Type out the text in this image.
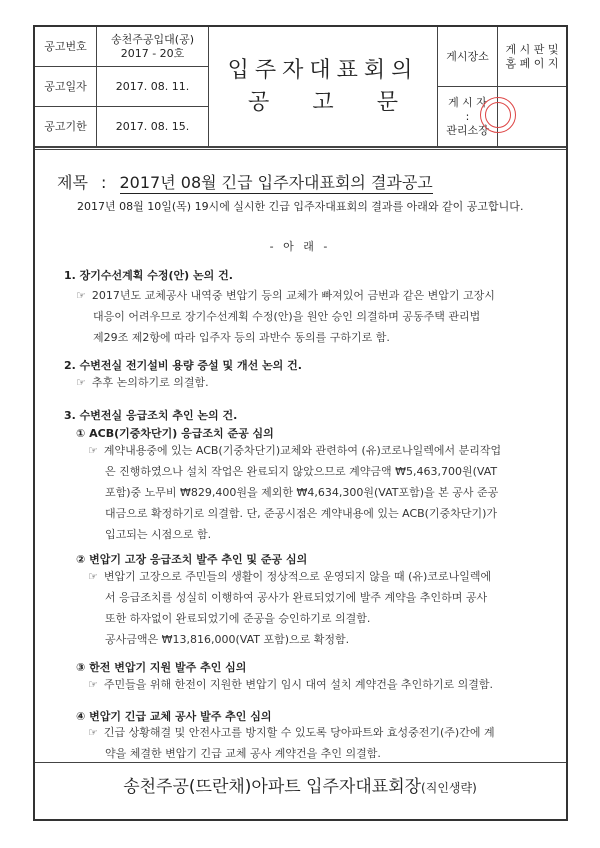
공고번호
공고일자
공고기한
송천주공입대(공)
2017 - 20호
2017. 08. 11.
2017. 08. 15.
입주자대표회의
공 고 문
게시장소
게 시 판 및
홈 페 이 지
게 시 자
:
관리소장
제목 : 2017년 08월 긴급 입주자대표회의 결과공고
2017년 08월 10일(목) 19시에 실시한 긴급 입주자대표회의 결과를 아래와 같이 공고합니다.
- 아 래 -
1. 장기수선계획 수정(안) 논의 건.
☞ 2017년도 교체공사 내역중 변압기 등의 교체가 빠져있어 금번과 같은 변압기 고장시
대응이 어려우므로 장기수선계획 수정(안)을 원안 승인 의결하며 공동주택 관리법
제29조 제2항에 따라 입주자 등의 과반수 동의를 구하기로 함.
2. 수변전실 전기설비 용량 증설 및 개선 논의 건.
☞ 추후 논의하기로 의결함.
3. 수변전실 응급조치 추인 논의 건.
① ACB(기중차단기) 응급조치 준공 심의
☞ 계약내용중에 있는 ACB(기중차단기)교체와 관련하여 (유)코로나일렉에서 분리작업
은 진행하였으나 설치 작업은 완료되지 않았으므로 계약금액 ₩5,463,700원(VAT
포함)중 노무비 ₩829,400원을 제외한 ₩4,634,300원(VAT포함)을 본 공사 준공
대금으로 확정하기로 의결함. 단, 준공시점은 계약내용에 있는 ACB(기중차단기)가
입고되는 시점으로 함.
② 변압기 고장 응급조치 발주 추인 및 준공 심의
☞ 변압기 고장으로 주민들의 생활이 정상적으로 운영되지 않을 때 (유)코로나일렉에
서 응급조치를 성실히 이행하여 공사가 완료되었기에 발주 계약을 추인하며 공사
또한 하자없이 완료되었기에 준공을 승인하기로 의결함.
공사금액은 ₩13,816,000(VAT 포함)으로 확정함.
③ 한전 변압기 지원 발주 추인 심의
☞ 주민들을 위해 한전이 지원한 변압기 임시 대여 설치 계약건을 추인하기로 의결함.
④ 변압기 긴급 교체 공사 발주 추인 심의
☞ 긴급 상황해결 및 안전사고를 방지할 수 있도록 당아파트와 효성중전기(주)간에 계
약을 체결한 변압기 긴급 교체 공사 계약건을 추인 의결함.
송천주공(뜨란채)아파트 입주자대표회장(직인생략)
